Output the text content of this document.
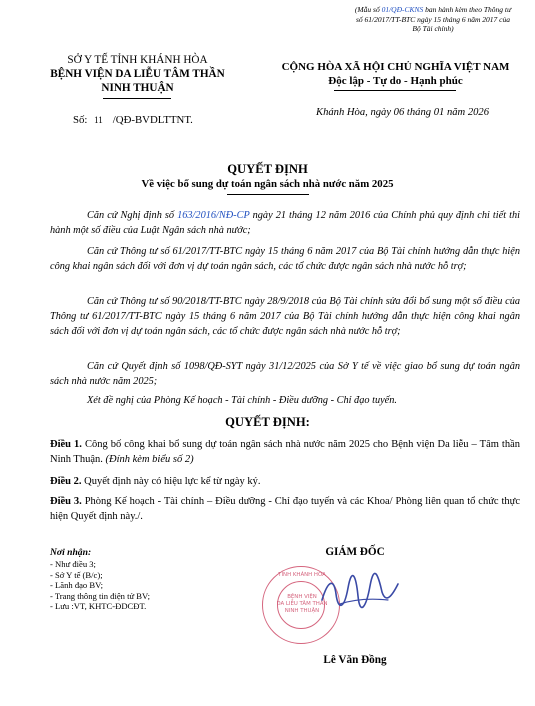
(Mẫu số 01/QĐ-CKNS ban hành kèm theo Thông tư
số 61/2017/TT-BTC ngày 15 tháng 6 năm 2017 của
Bộ Tài chính)
SỞ Y TẾ TỈNH KHÁNH HÒA
BỆNH VIỆN DA LIỄU TÂM THẦN
NINH THUẬN
Số: 11 /QĐ-BVDLTTNT.
CỘNG HÒA XÃ HỘI CHỦ NGHĨA VIỆT NAM
Độc lập - Tự do - Hạnh phúc
Khánh Hòa, ngày 06 tháng 01 năm 2026
QUYẾT ĐỊNH
Về việc bổ sung dự toán ngân sách nhà nước năm 2025
Căn cứ Nghị định số 163/2016/NĐ-CP ngày 21 tháng 12 năm 2016 của Chính phủ quy định chi tiết thi hành một số điều của Luật Ngân sách nhà nước;
Căn cứ Thông tư số 61/2017/TT-BTC ngày 15 tháng 6 năm 2017 của Bộ Tài chính hướng dẫn thực hiện công khai ngân sách đối với đơn vị dự toán ngân sách, các tổ chức được ngân sách nhà nước hỗ trợ;
Căn cứ Thông tư số 90/2018/TT-BTC ngày 28/9/2018 của Bộ Tài chính sửa đổi bổ sung một số điều của Thông tư 61/2017/TT-BTC ngày 15 tháng 6 năm 2017 của Bộ Tài chính hướng dẫn thực hiện công khai ngân sách đối với đơn vị dự toán ngân sách, các tổ chức được ngân sách nhà nước hỗ trợ;
Căn cứ Quyết định số 1098/QĐ-SYT ngày 31/12/2025 của Sở Y tế về việc giao bổ sung dự toán ngân sách nhà nước năm 2025;
Xét đề nghị của Phòng Kế hoạch - Tài chính - Điều dưỡng - Chỉ đạo tuyến.
QUYẾT ĐỊNH:
Điều 1. Công bố công khai bổ sung dự toán ngân sách nhà nước năm 2025 cho Bệnh viện Da liễu – Tâm thần Ninh Thuận. (Đính kèm biểu số 2)
Điều 2. Quyết định này có hiệu lực kể từ ngày ký.
Điều 3. Phòng Kế hoạch - Tài chính – Điều dưỡng - Chỉ đạo tuyến và các Khoa/ Phòng liên quan tổ chức thực hiện Quyết định này./.
Nơi nhận:
- Như điều 3;
- Sở Y tế (B/c);
- Lãnh đạo BV;
- Trang thông tin điện tử BV;
- Lưu :VT, KHTC-ĐDCĐT.
GIÁM ĐỐC
TỈNH KHÁNH HÒA
BỆNH VIỆN
DA LIỄU TÂM THẦN
NINH THUẬN
Lê Văn Đồng
